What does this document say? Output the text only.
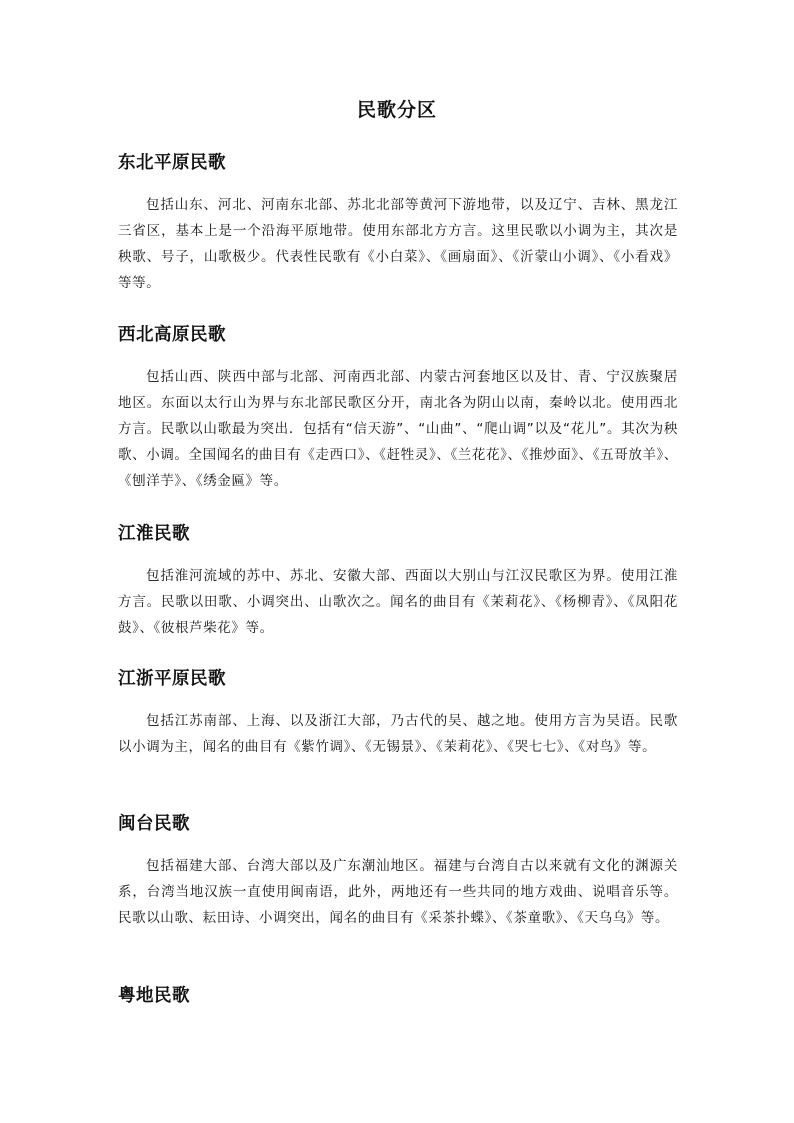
民歌分区
东北平原民歌

包括山东、河北、河南东北部、苏北北部等黄河下游地带，以及辽宁、吉林、黑龙江三省区，基本上是一个沿海平原地带。使用东部北方方言。这里民歌以小调为主，其次是秧歌、号子，山歌极少。代表性民歌有《小白菜》、《画扇面》、《沂蒙山小调》、《小看戏》等等。

西北高原民歌

包括山西、陕西中部与北部、河南西北部、内蒙古河套地区以及甘、青、宁汉族聚居地区。东面以太行山为界与东北部民歌区分开，南北各为阴山以南，秦岭以北。使用西北方言。民歌以山歌最为突出．包括有“信天游”、“山曲”、“爬山调”以及“花儿”。其次为秧歌、小调。全国闻名的曲目有《走西口》、《赶牲灵》、《兰花花》、《推炒面》、《五哥放羊》、《刨洋芋》、《绣金匾》等。

江淮民歌

包括淮河流域的苏中、苏北、安徽大部、西面以大别山与江汉民歌区为界。使用江淮方言。民歌以田歌、小调突出、山歌次之。闻名的曲目有《茉莉花》、《杨柳青》、《凤阳花鼓》、《彼根芦柴花》等。

江浙平原民歌

包括江苏南部、上海、以及浙江大部，乃古代的吴、越之地。使用方言为吴语。民歌以小调为主，闻名的曲目有《紫竹调》、《无锡景》、《茉莉花》、《哭七七》、《对鸟》等。

闽台民歌

包括福建大部、台湾大部以及广东潮汕地区。福建与台湾自古以来就有文化的渊源关系，台湾当地汉族一直使用闽南语，此外，两地还有一些共同的地方戏曲、说唱音乐等。民歌以山歌、耘田诗、小调突出，闻名的曲目有《采茶扑蝶》、《茶童歌》、《天乌乌》等。

粤地民歌
